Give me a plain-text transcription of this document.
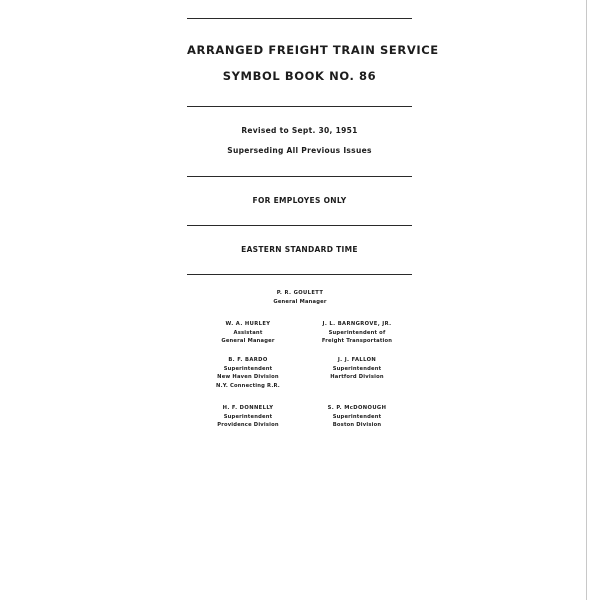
ARRANGED FREIGHT TRAIN SERVICE
SYMBOL BOOK NO. 86
Revised to Sept. 30, 1951
Superseding All Previous Issues
FOR EMPLOYES ONLY
EASTERN STANDARD TIME
P. R. GOULETT
General Manager
W. A. HURLEY
Assistant
General Manager
J. L. BARNGROVE, JR.
Superintendent of
Freight Transportation
B. F. BARDO
Superintendent
New Haven Division
N.Y. Connecting R.R.
J. J. FALLON
Superintendent
Hartford Division
H. F. DONNELLY
Superintendent
Providence Division
S. P. McDONOUGH
Superintendent
Boston Division
